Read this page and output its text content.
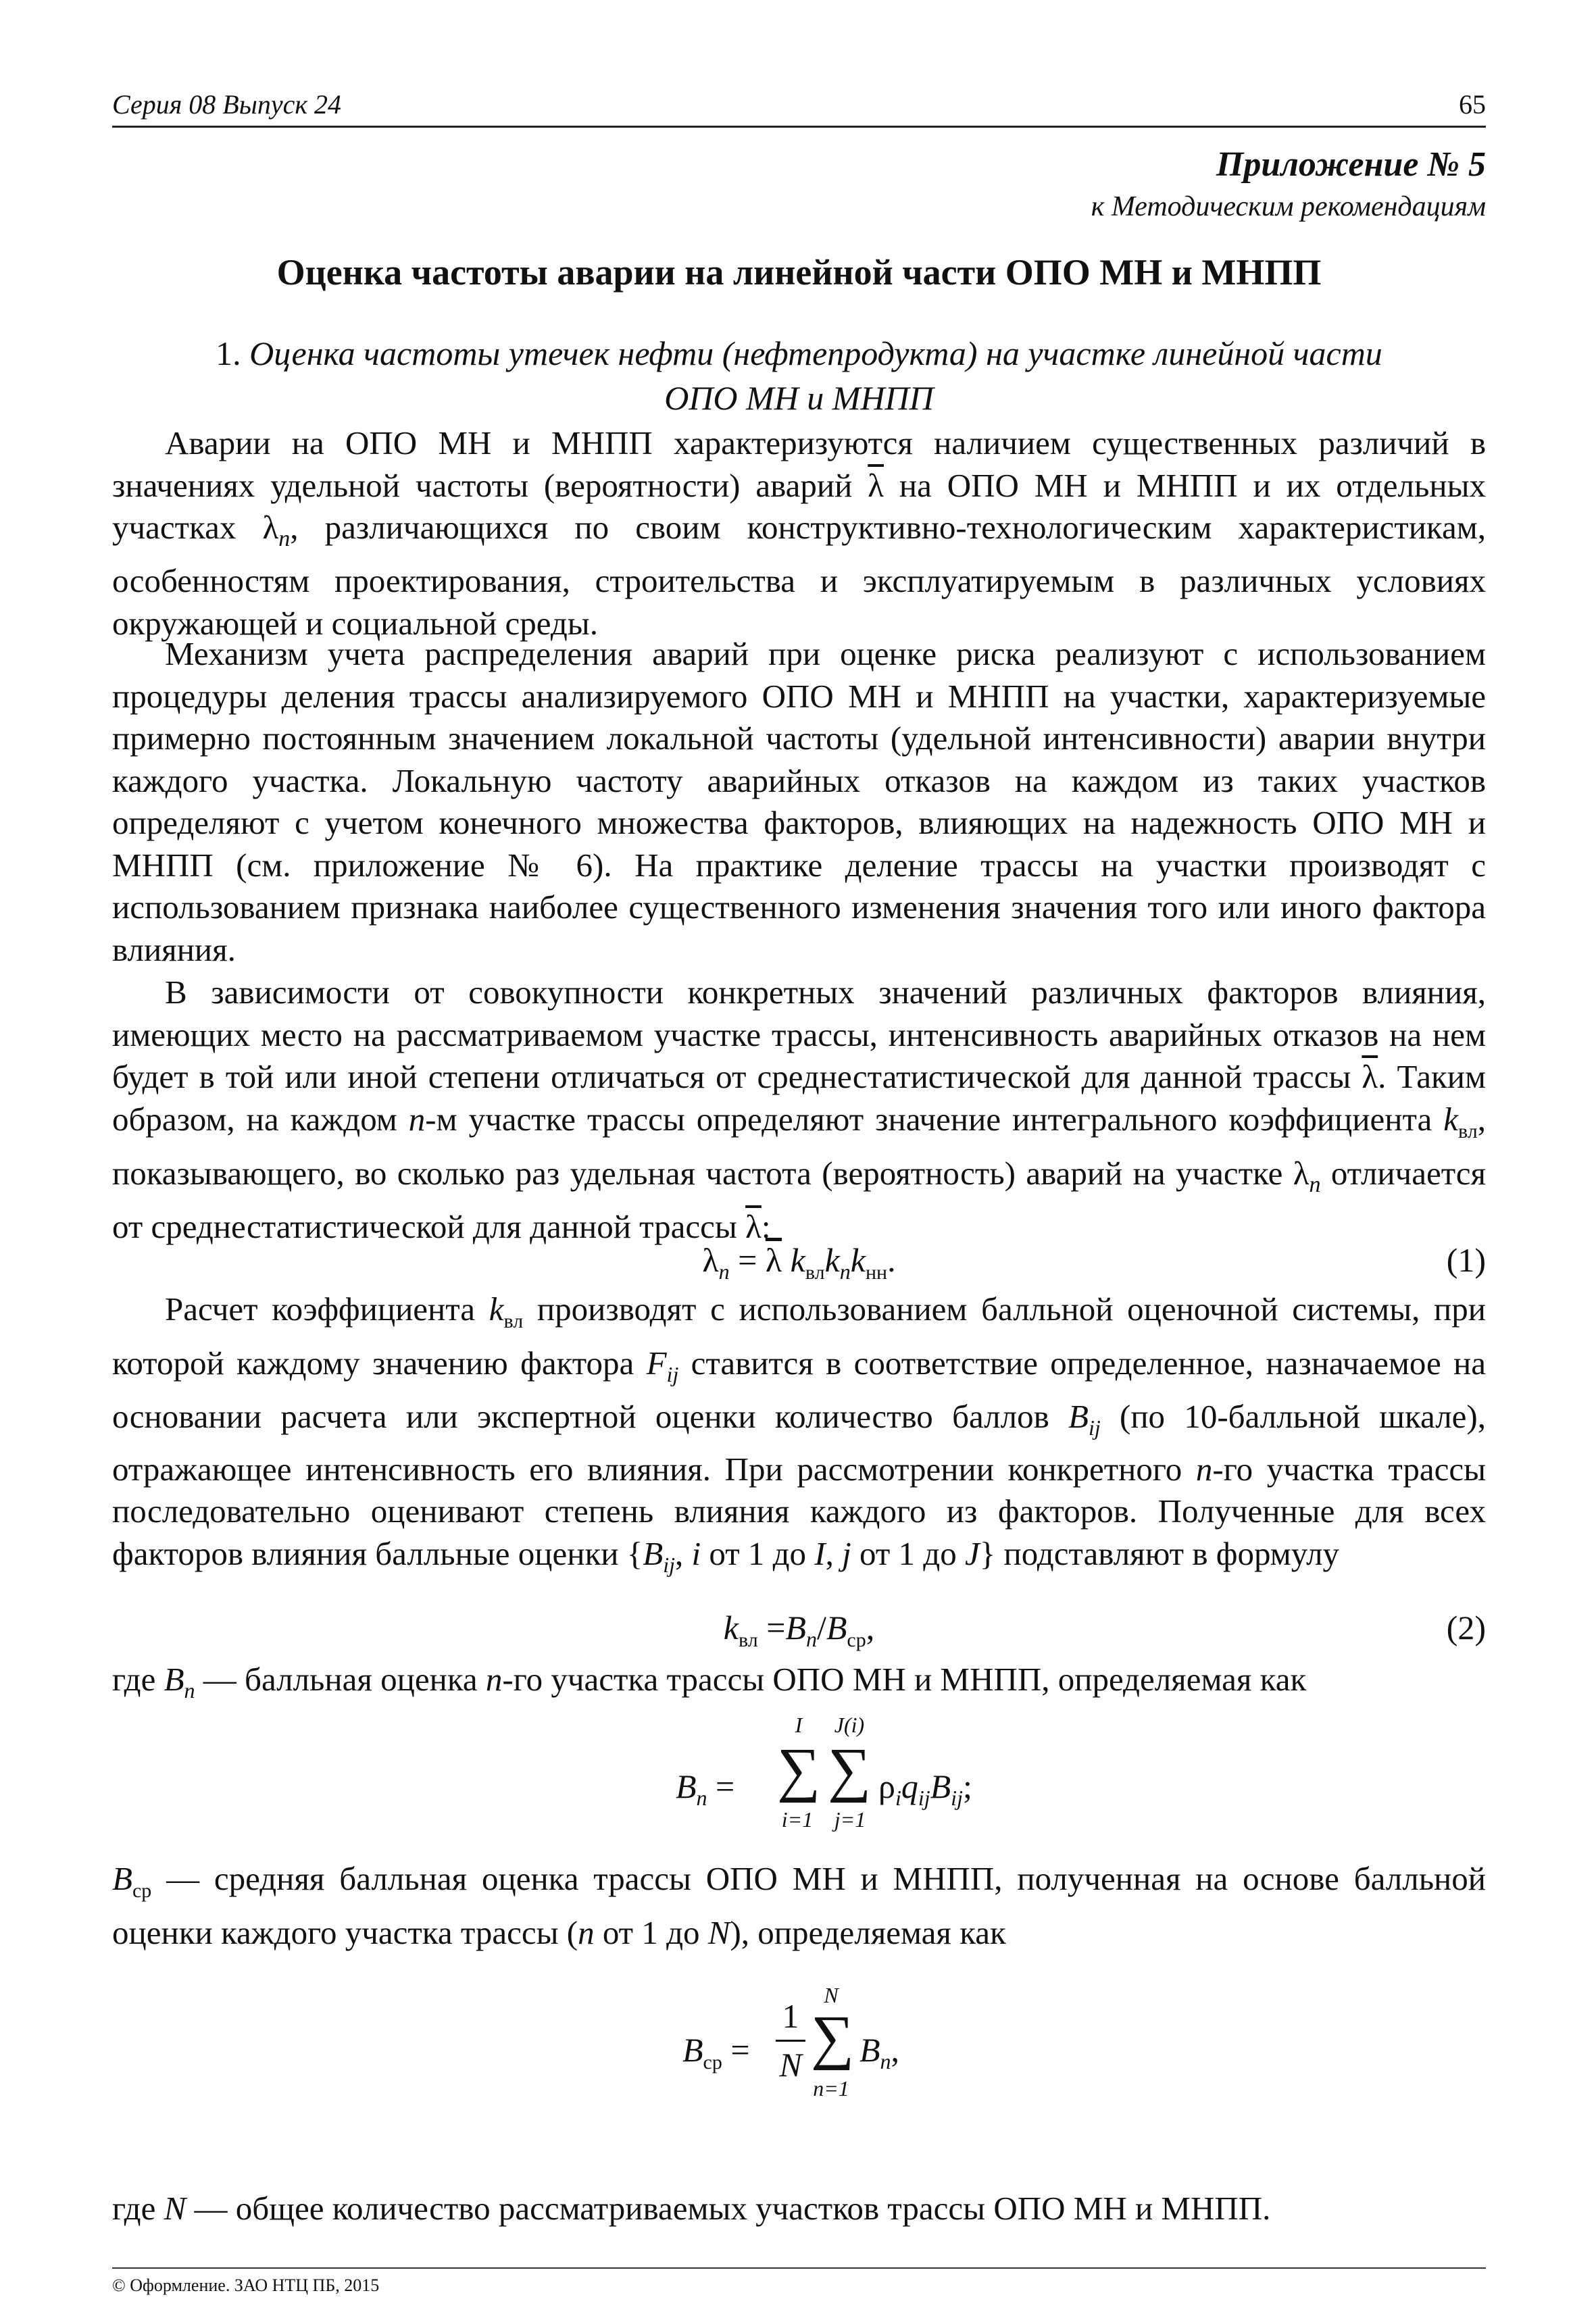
Серия 08 Выпуск 24	65
Приложение № 5
к Методическим рекомендациям
Оценка частоты аварии на линейной части ОПО МН и МНПП
1. Оценка частоты утечек нефти (нефтепродукта) на участке линейной части
ОПО МН и МНПП

Аварии на ОПО МН и МНПП характеризуются наличием существенных различий в значениях удельной частоты (вероятности) аварий $\overline{\lambda}$ на ОПО МН и МНПП и их отдельных участках $\lambda_n$, различающихся по своим конструктивно-технологическим характеристикам, особенностям проектирования, строительства и эксплуатируемым в различных условиях окружающей и социальной среды.

Механизм учета распределения аварий при оценке риска реализуют с использованием процедуры деления трассы анализируемого ОПО МН и МНПП на участки, характеризуемые примерно постоянным значением локальной частоты (удельной интенсивности) аварии внутри каждого участка. Локальную частоту аварийных отказов на каждом из таких участков определяют с учетом конечного множества факторов, влияющих на надежность ОПО МН и МНПП (см. приложение № 6). На практике деление трассы на участки производят с использованием признака наиболее существенного изменения значения того или иного фактора влияния.

В зависимости от совокупности конкретных значений различных факторов влияния, имеющих место на рассматриваемом участке трассы, интенсивность аварийных отказов на нем будет в той или иной степени отличаться от среднестатистической для данной трассы $\overline{\lambda}$. Таким образом, на каждом n-м участке трассы определяют значение интегрального коэффициента $k_{вл}$, показывающего, во сколько раз удельная частота (вероятность) аварий на участке $\lambda_n$ отличается от среднестатистической для данной трассы $\overline{\lambda}$:

$\lambda_n = \overline{\lambda}$ $k_{вл}k_nk_{нн}$.	(1)

Расчет коэффициента $k_{вл}$ производят с использованием балльной оценочной системы, при которой каждому значению фактора $F_{ij}$ ставится в соответствие определенное, назначаемое на основании расчета или экспертной оценки количество баллов $B_{ij}$ (по 10-балльной шкале), отражающее интенсивность его влияния. При рассмотрении конкретного n-го участка трассы последовательно оценивают степень влияния каждого из факторов. Полученные для всех факторов влияния балльные оценки {$B_{ij}$, i от 1 до I, j от 1 до J} подставляют в формулу

$k_{вл} =B_n/B_{ср}$,	(2)
где $B_n$ — балльная оценка n-го участка трассы ОПО МН и МНПП, определяемая как
$B_n$ =
I
∑
i=1
J(i)
∑
j=1
$\rho_iq_{ij}B_{ij}$;
$B_{ср}$ — средняя балльная оценка трассы ОПО МН и МНПП, полученная на основе балльной оценки каждого участка трассы (n от 1 до N), определяемая как
$B_{ср}$ =
1
N
N
∑
n=1
$B_n$,
где N — общее количество рассматриваемых участков трассы ОПО МН и МНПП.
© Оформление. ЗАО НТЦ ПБ, 2015
